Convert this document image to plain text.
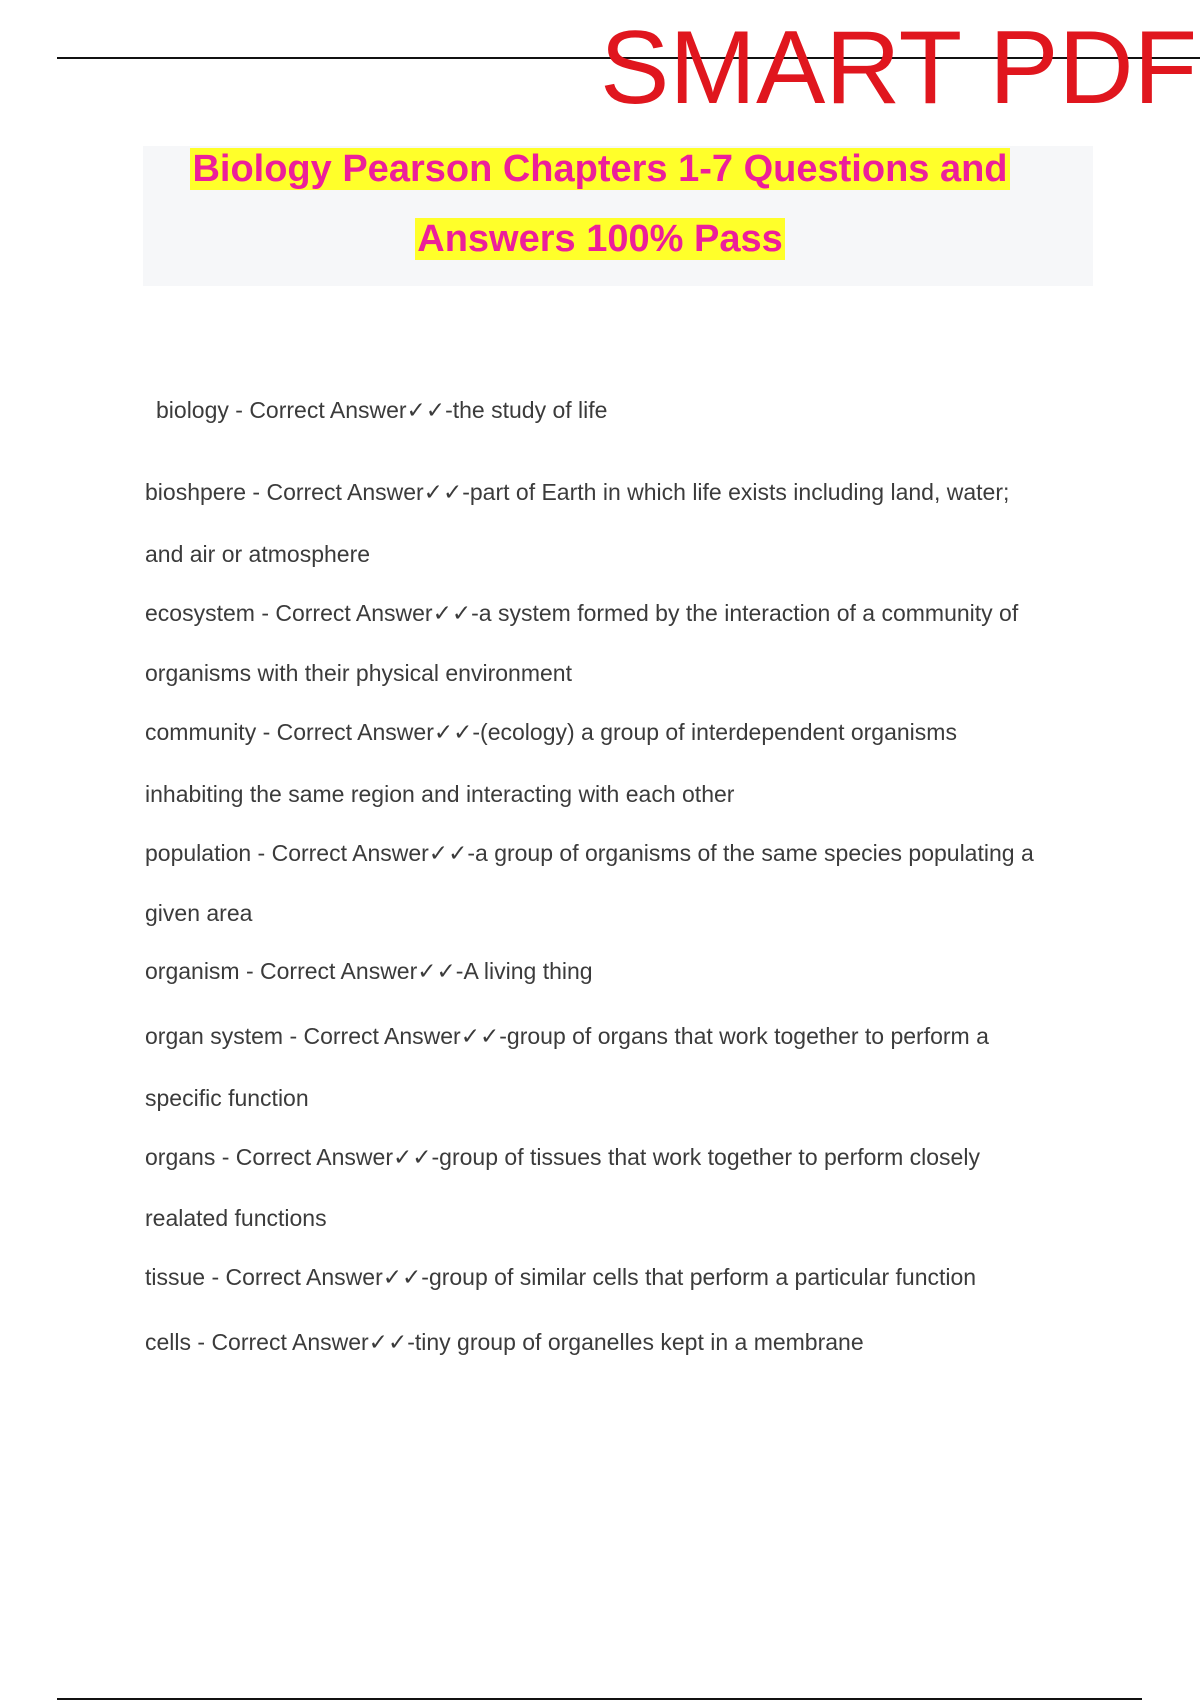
SMART PDF
Biology Pearson Chapters 1-7 Questions and
Answers 100% Pass
biology - Correct Answer✓✓-the study of life
bioshpere - Correct Answer✓✓-part of Earth in which life exists including land, water;
and air or atmosphere
ecosystem - Correct Answer✓✓-a system formed by the interaction of a community of
organisms with their physical environment
community - Correct Answer✓✓-(ecology) a group of interdependent organisms
inhabiting the same region and interacting with each other
population - Correct Answer✓✓-a group of organisms of the same species populating a
given area
organism - Correct Answer✓✓-A living thing
organ system - Correct Answer✓✓-group of organs that work together to perform a
specific function
organs - Correct Answer✓✓-group of tissues that work together to perform closely
realated functions
tissue - Correct Answer✓✓-group of similar cells that perform a particular function
cells - Correct Answer✓✓-tiny group of organelles kept in a membrane
